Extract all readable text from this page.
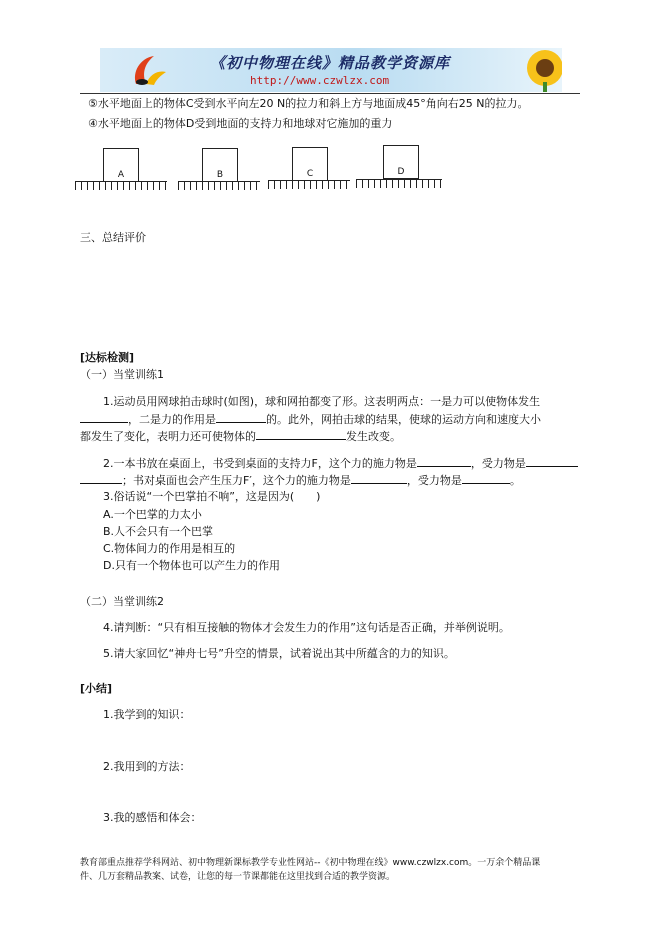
《初中物理在线》精品教学资源库
http://www.czwlzx.com
⑤水平地面上的物体C受到水平向左20 N的拉力和斜上方与地面成45°角向右25 N的拉力。
④水平地面上的物体D受到地面的支持力和地球对它施加的重力
A	B	C	D
三、总结评价
[达标检测]
（一）当堂训练1
1.运动员用网球拍击球时(如图)，球和网拍都变了形。这表明两点：一是力可以使物体发生
，二是力的作用是	的。此外，网拍击球的结果，使球的运动方向和速度大小
都发生了变化，表明力还可使物体的	发生改变。
2.一本书放在桌面上，书受到桌面的支持力F，这个力的施力物是	，受力物是
；书对桌面也会产生压力F′，这个力的施力物是	，受力物是	。
3.俗话说“一个巴掌拍不响”，这是因为(　　)
A.一个巴掌的力太小
B.人不会只有一个巴掌
C.物体间力的作用是相互的
D.只有一个物体也可以产生力的作用
（二）当堂训练2
4.请判断：“只有相互接触的物体才会发生力的作用”这句话是否正确，并举例说明。
5.请大家回忆“神舟七号”升空的情景，试着说出其中所蕴含的力的知识。
[小结]
1.我学到的知识：
2.我用到的方法：
3.我的感悟和体会：
教育部重点推荐学科网站、初中物理新课标教学专业性网站--《初中物理在线》www.czwlzx.com。一万余个精品课
件、几万套精品教案、试卷，让您的每一节课都能在这里找到合适的教学资源。
